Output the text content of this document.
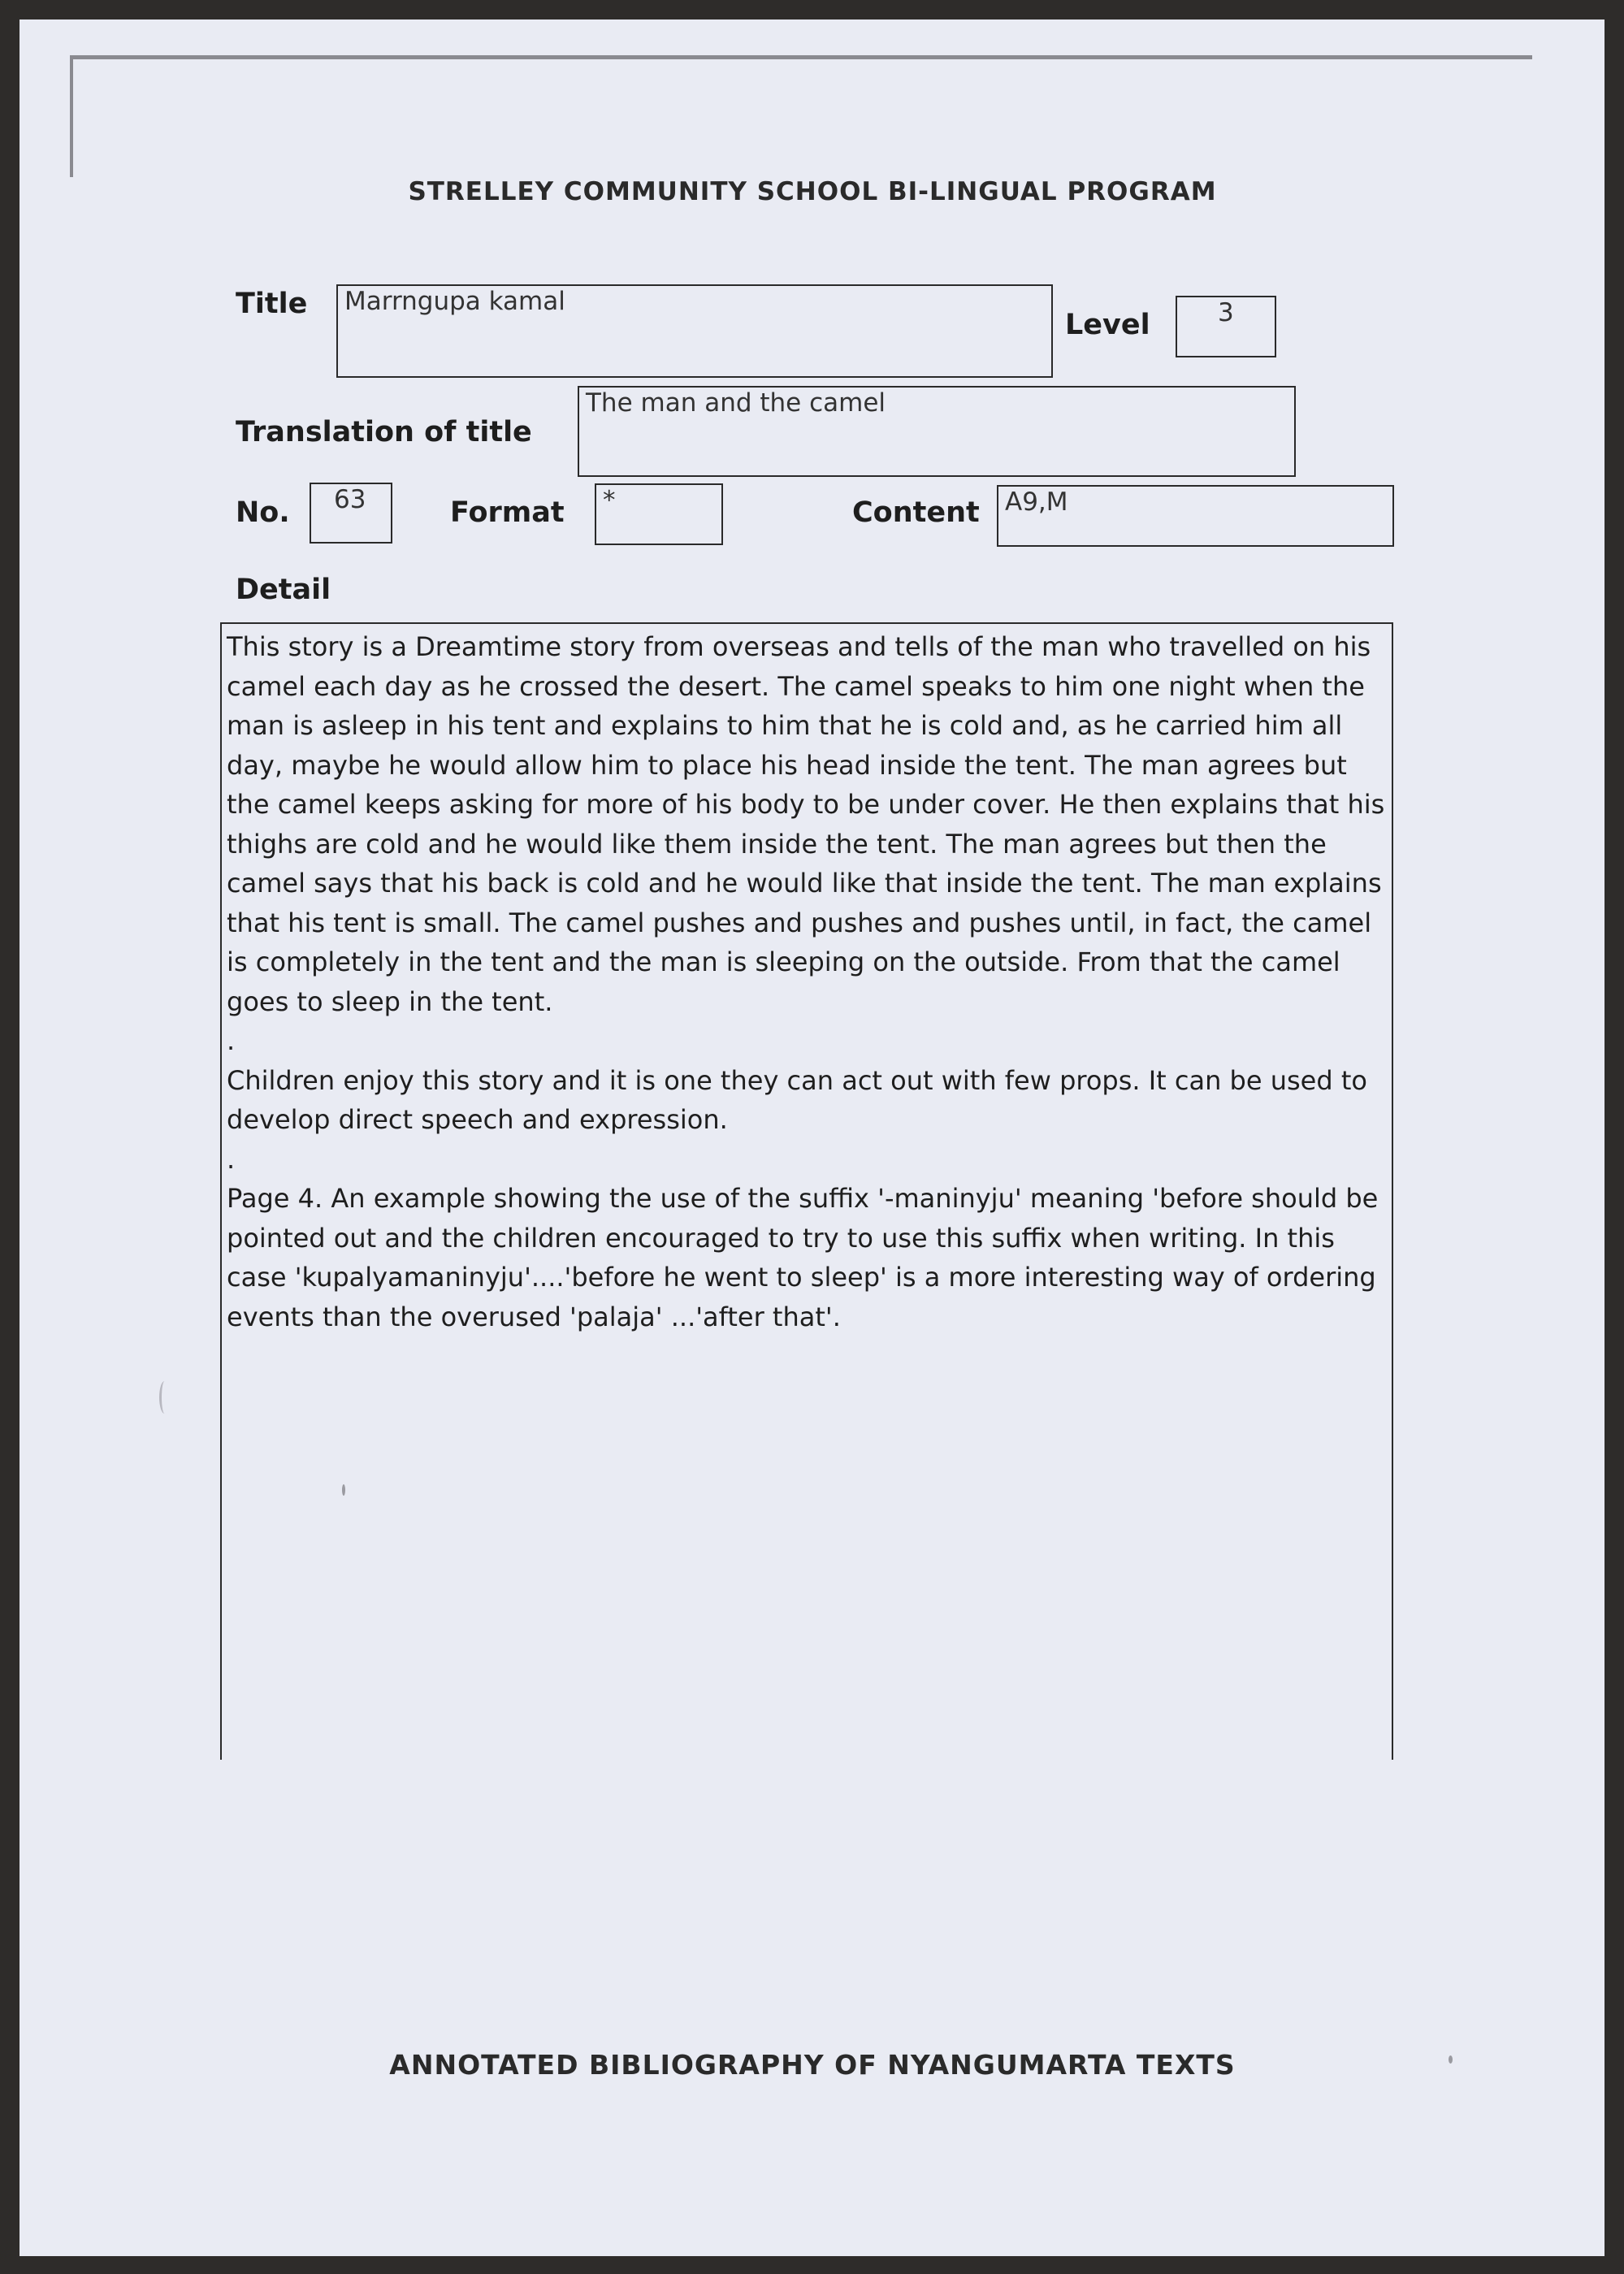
STRELLEY COMMUNITY SCHOOL BI-LINGUAL PROGRAM
Title	Marrngupa kamal
Level	3
Translation of title
The man and the camel
No.	63	Format	*	Content	A9,M
Detail

This story is a Dreamtime story from overseas and tells of the man who travelled on his camel each day as he crossed the desert. The camel speaks to him one night when the man is asleep in his tent and explains to him that he is cold and, as he carried him all day, maybe he would allow him to place his head inside the tent. The man agrees but the camel keeps asking for more of his body to be under cover. He then explains that his thighs are cold and he would like them inside the tent. The man agrees but then the camel says that his back is cold and he would like that inside the tent. The man explains that his tent is small. The camel pushes and pushes and pushes until, in fact, the camel is completely in the tent and the man is sleeping on the outside. From that the camel goes to sleep in the tent.

.

Children enjoy this story and it is one they can act out with few props. It can be used to develop direct speech and expression.

.

Page 4. An example showing the use of the suffix '-maninyju' meaning 'before should be pointed out and the children encouraged to try to use this suffix when writing. In this case 'kupalyamaninyju'....'before he went to sleep' is a more interesting way of ordering events than the overused 'palaja' ...'after that'.

ANNOTATED BIBLIOGRAPHY OF NYANGUMARTA TEXTS
